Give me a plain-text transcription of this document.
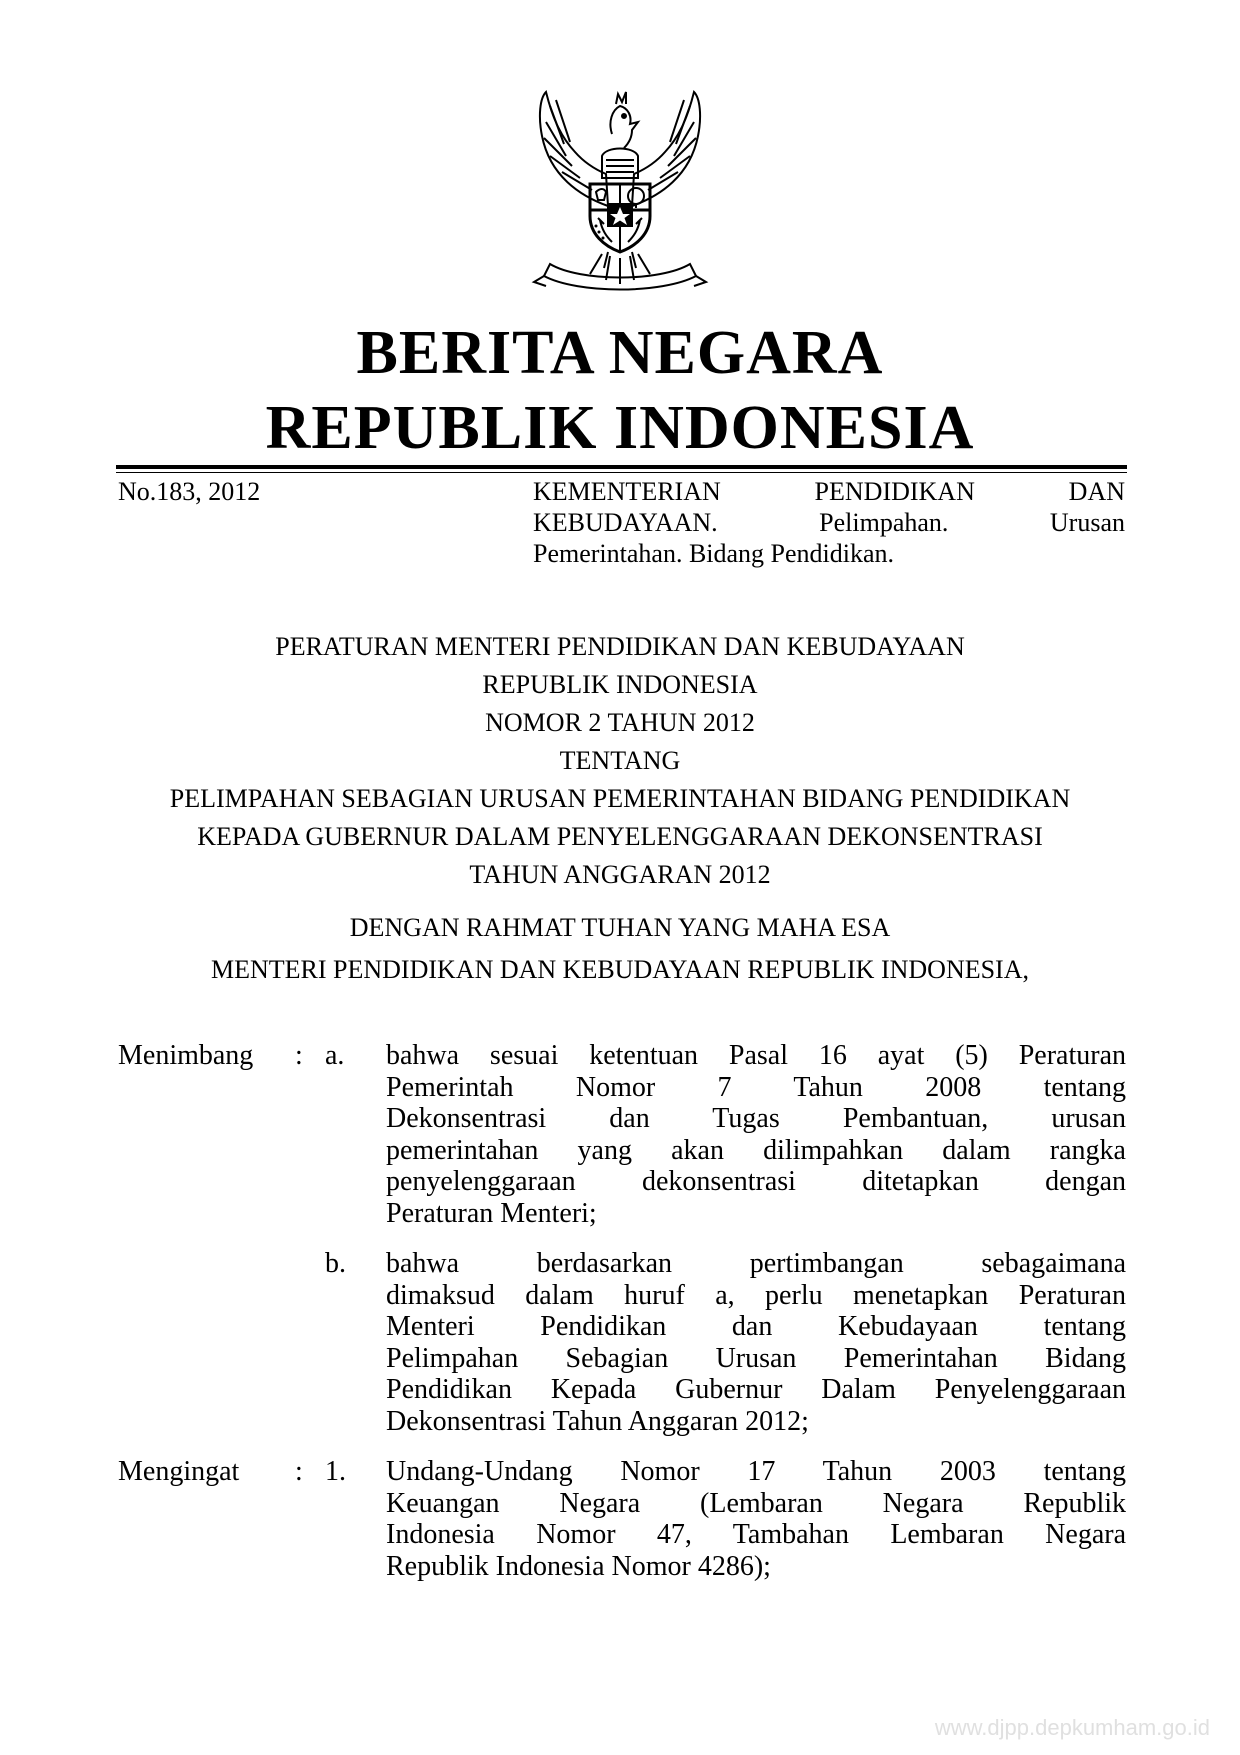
BERITA NEGARA
REPUBLIK INDONESIA
No.183, 2012	KEMENTERIAN PENDIDIKAN DAN
KEBUDAYAAN. Pelimpahan. Urusan
Pemerintahan. Bidang Pendidikan.
PERATURAN MENTERI PENDIDIKAN DAN KEBUDAYAAN
REPUBLIK INDONESIA
NOMOR 2 TAHUN 2012
TENTANG
PELIMPAHAN SEBAGIAN URUSAN PEMERINTAHAN BIDANG PENDIDIKAN
KEPADA GUBERNUR DALAM PENYELENGGARAAN DEKONSENTRASI
TAHUN ANGGARAN 2012
DENGAN RAHMAT TUHAN YANG MAHA ESA
MENTERI PENDIDIKAN DAN KEBUDAYAAN REPUBLIK INDONESIA,
Menimbang : a. bahwa sesuai ketentuan Pasal 16 ayat (5) Peraturan
Pemerintah Nomor 7 Tahun 2008 tentang
Dekonsentrasi dan Tugas Pembantuan, urusan
pemerintahan yang akan dilimpahkan dalam rangka
penyelenggaraan dekonsentrasi ditetapkan dengan
Peraturan Menteri;
b. bahwa berdasarkan pertimbangan sebagaimana
dimaksud dalam huruf a, perlu menetapkan Peraturan
Menteri Pendidikan dan Kebudayaan tentang
Pelimpahan Sebagian Urusan Pemerintahan Bidang
Pendidikan Kepada Gubernur Dalam Penyelenggaraan
Dekonsentrasi Tahun Anggaran 2012;
Mengingat : 1. Undang-Undang Nomor 17 Tahun 2003 tentang
Keuangan Negara (Lembaran Negara Republik
Indonesia Nomor 47, Tambahan Lembaran Negara
Republik Indonesia Nomor 4286);
www.djpp.depkumham.go.id
